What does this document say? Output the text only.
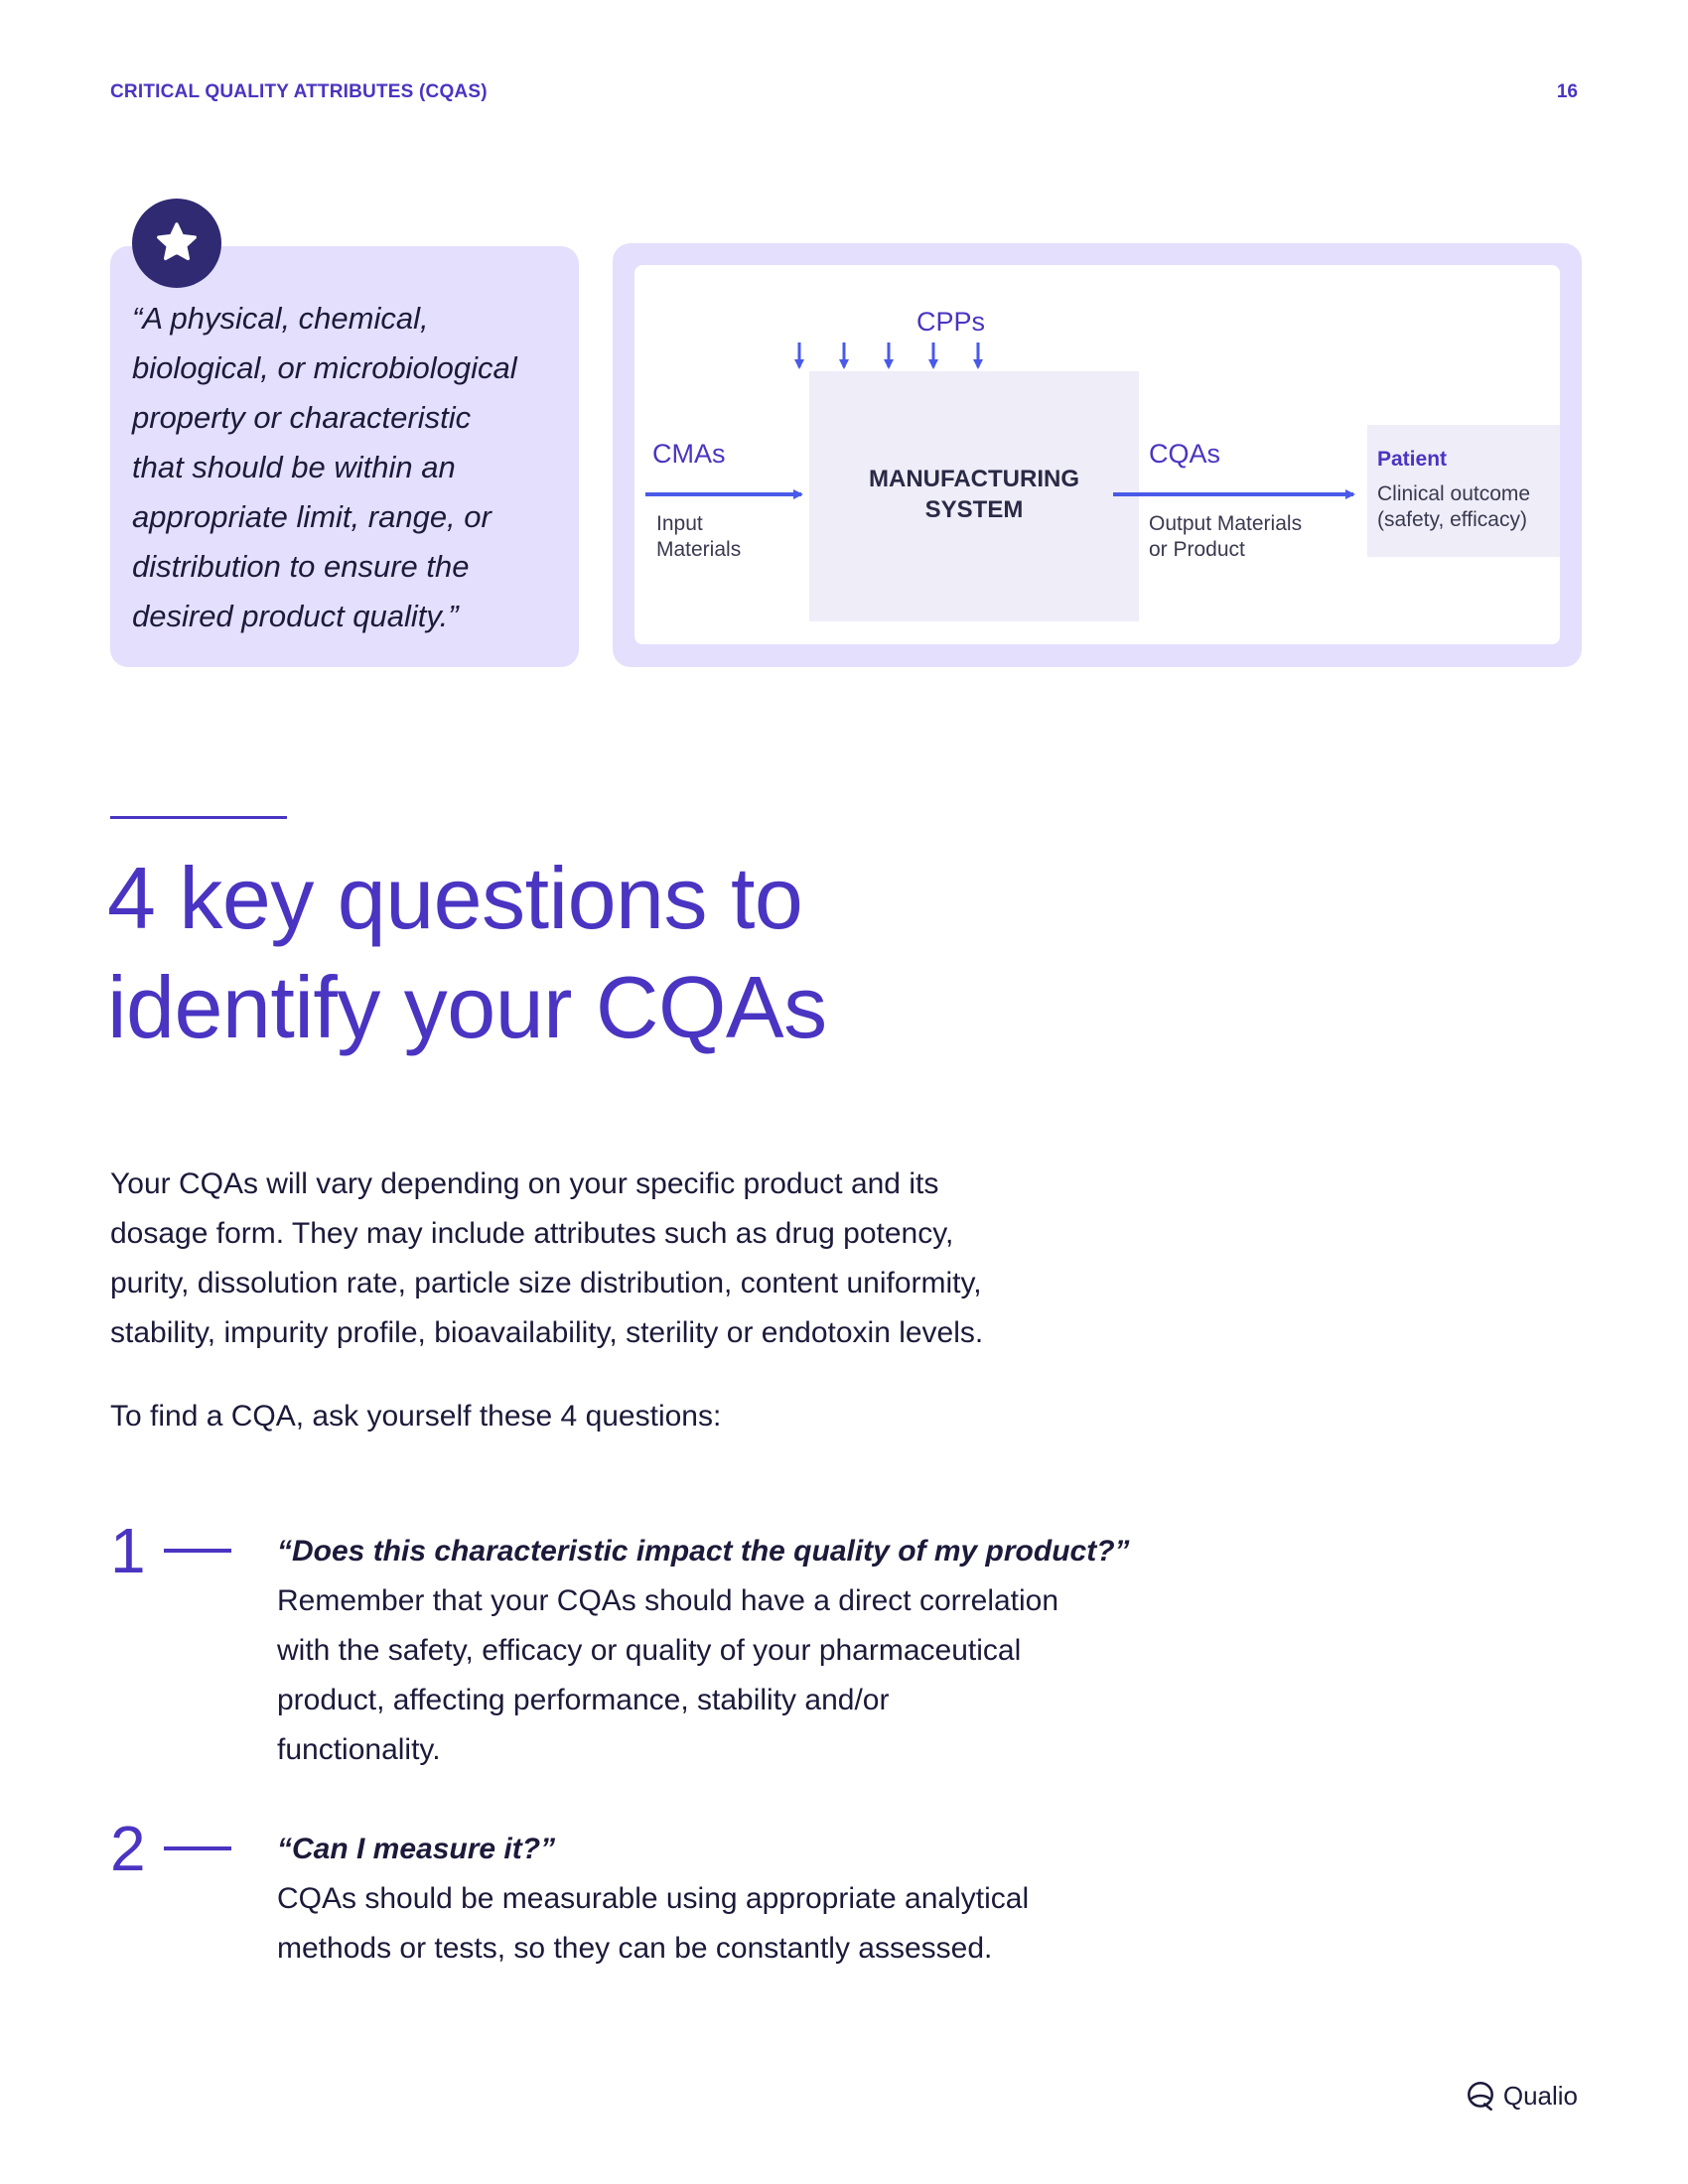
CRITICAL QUALITY ATTRIBUTES (CQAS)	16
“A physical, chemical,
biological, or microbiological
property or characteristic
that should be within an
appropriate limit, range, or
distribution to ensure the
desired product quality.”
CPPs
CMAs
Input
Materials
MANUFACTURING
SYSTEM
CQAs
Output Materials
or Product
Patient
Clinical outcome
(safety, efficacy)
4 key questions to
identify your CQAs
Your CQAs will vary depending on your specific product and its
dosage form. They may include attributes such as drug potency,
purity, dissolution rate, particle size distribution, content uniformity,
stability, impurity profile, bioavailability, sterility or endotoxin levels.
To find a CQA, ask yourself these 4 questions:
1	“Does this characteristic impact the quality of my product?”
Remember that your CQAs should have a direct correlation
with the safety, efficacy or quality of your pharmaceutical
product, affecting performance, stability and/or
functionality.
2	“Can I measure it?”
CQAs should be measurable using appropriate analytical
methods or tests, so they can be constantly assessed.
Qualio
